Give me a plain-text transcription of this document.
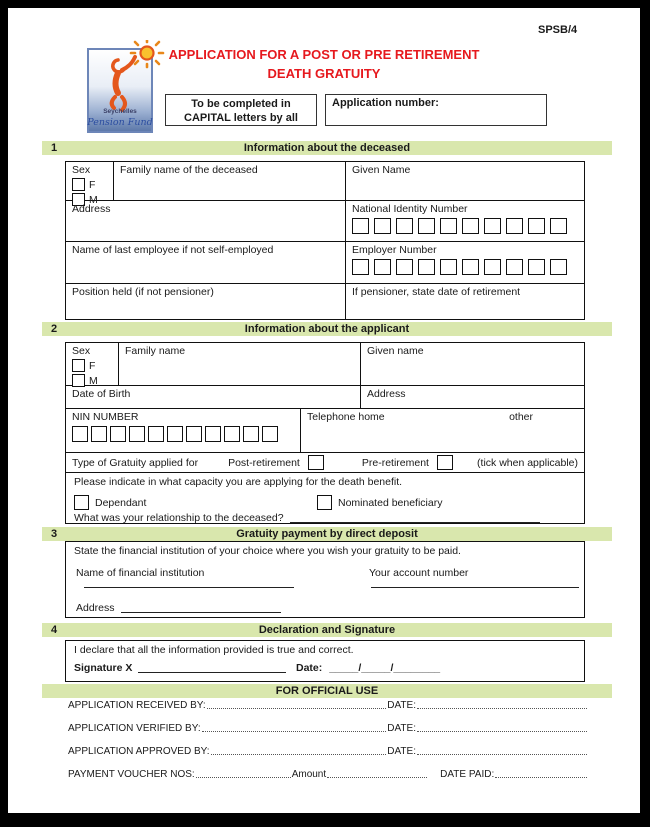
SPSB/4
Seychelles
Pension Fund
APPLICATION FOR A POST OR PRE RETIREMENT
DEATH GRATUITY
To be completed in
CAPITAL letters by all
Application number:
1	Information about the deceased
Sex
F
M
Family name of the deceased	Given Name
Address	National Identity Number
Name of last employee if not self-employed	Employer Number
Position held (if not pensioner)	If pensioner, state date of retirement
2	Information about the applicant
Sex
F
M
Family name	Given name
Date of Birth	Address
NIN NUMBER	Telephone home	other
Type of Gratuity applied for	Post-retirement	Pre-retirement	(tick when applicable)
Please indicate in what capacity you are applying for the death benefit.
Dependant	Nominated beneficiary
What was your relationship to the deceased?
3	Gratuity payment by direct deposit
State the financial institution of your choice where you wish your gratuity to be paid.
Name of financial institution	Your account number
Address
4	Declaration and Signature
I declare that all the information provided is true and correct.
Signature X	Date: _____/_____/________
FOR OFFICIAL USE
APPLICATION RECEIVED BY:	DATE:
APPLICATION VERIFIED BY:	DATE:
APPLICATION APPROVED BY:	DATE:
PAYMENT VOUCHER NOS:	Amount	DATE PAID:
